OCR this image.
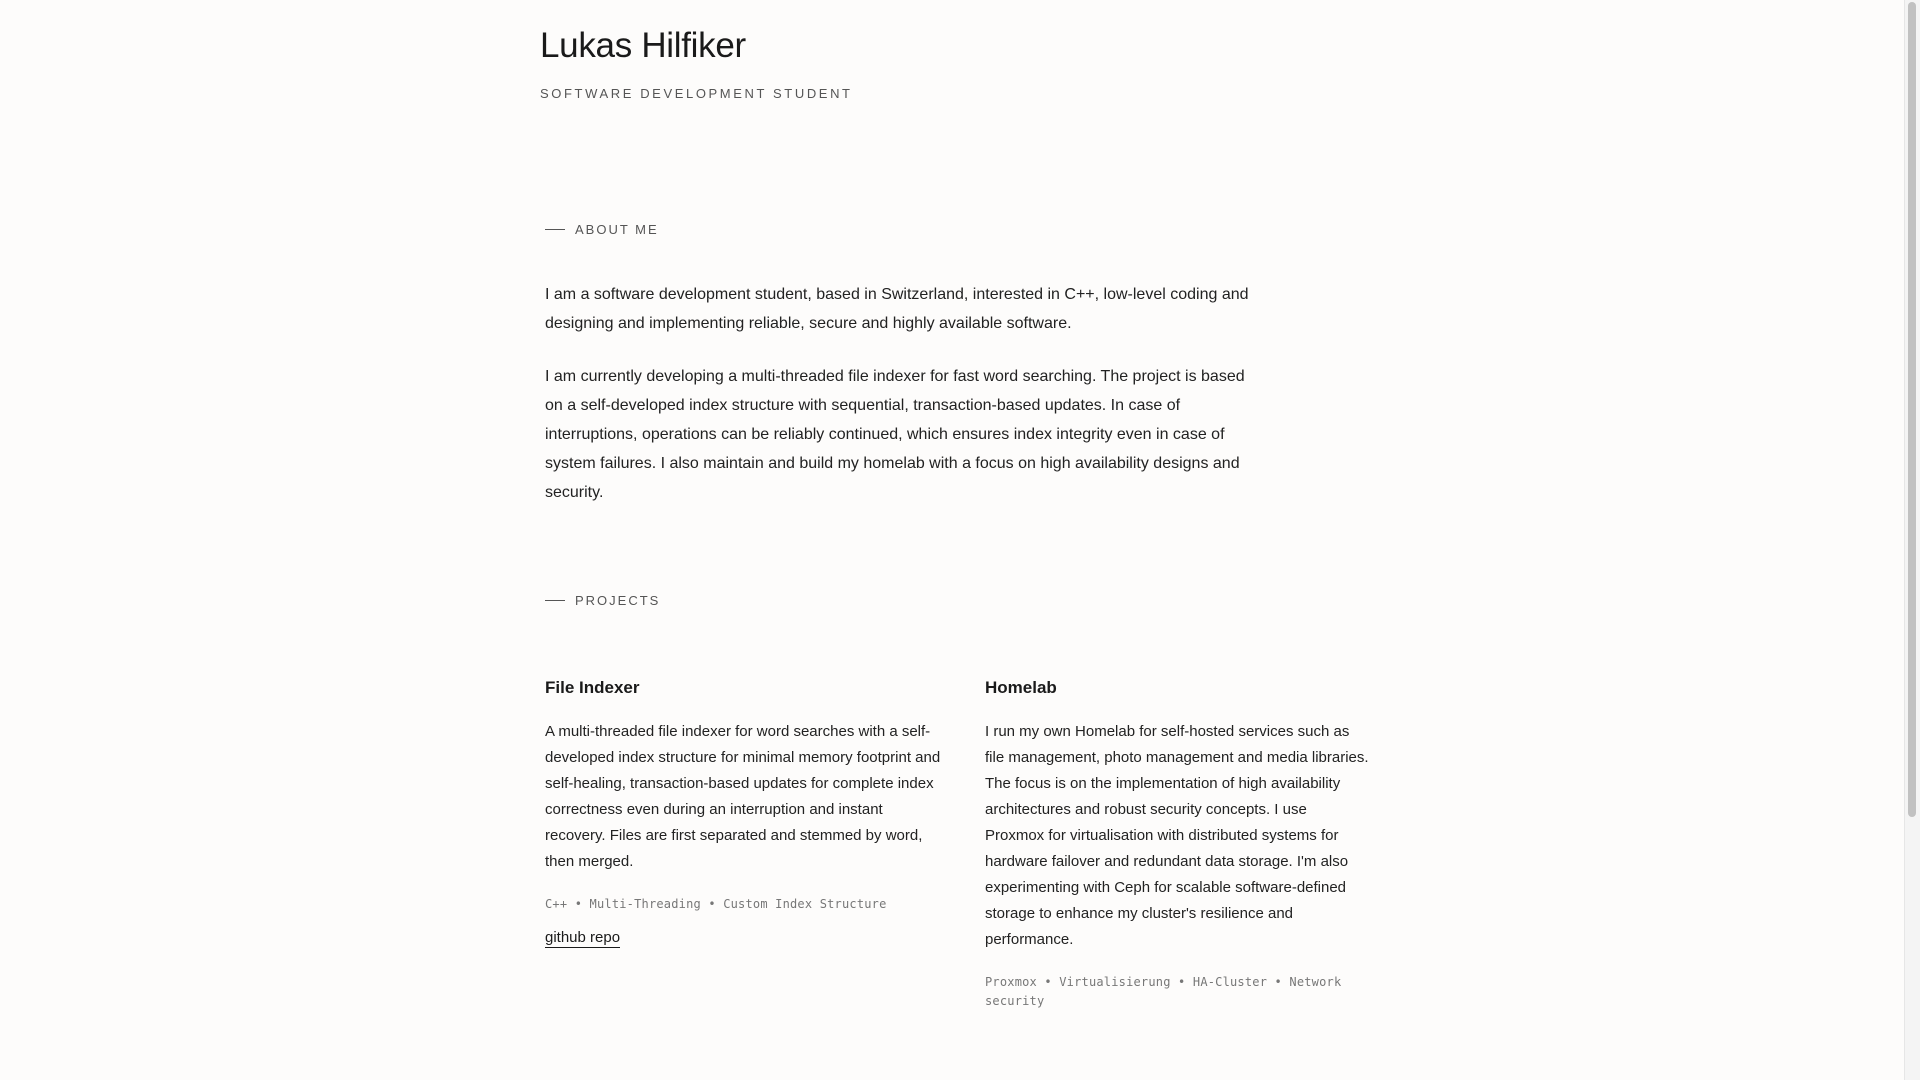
Lukas Hilfiker
SOFTWARE DEVELOPMENT STUDENT
ABOUT ME

I am a software development student, based in Switzerland, interested in C++, low-level coding and designing and implementing reliable, secure and highly available software.

I am currently developing a multi-threaded file indexer for fast word searching. The project is based on a self-developed index structure with sequential, transaction-based updates. In case of interruptions, operations can be reliably continued, which ensures index integrity even in case of system failures. I also maintain and build my homelab with a focus on high availability designs and security.

PROJECTS
File Indexer

A multi-threaded file indexer for word searches with a self-developed index structure for minimal memory footprint and self-healing, transaction-based updates for complete index correctness even during an interruption and instant recovery. Files are first separated and stemmed by word, then merged.

C++ • Multi-Threading • Custom Index Structure
github repo
Homelab

I run my own Homelab for self-hosted services such as file management, photo management and media libraries. The focus is on the implementation of high availability architectures and robust security concepts. I use Proxmox for virtualisation with distributed systems for hardware failover and redundant data storage. I'm also experimenting with Ceph for scalable software-defined storage to enhance my cluster's resilience and performance.

Proxmox • Virtualisierung • HA-Cluster • Network security
